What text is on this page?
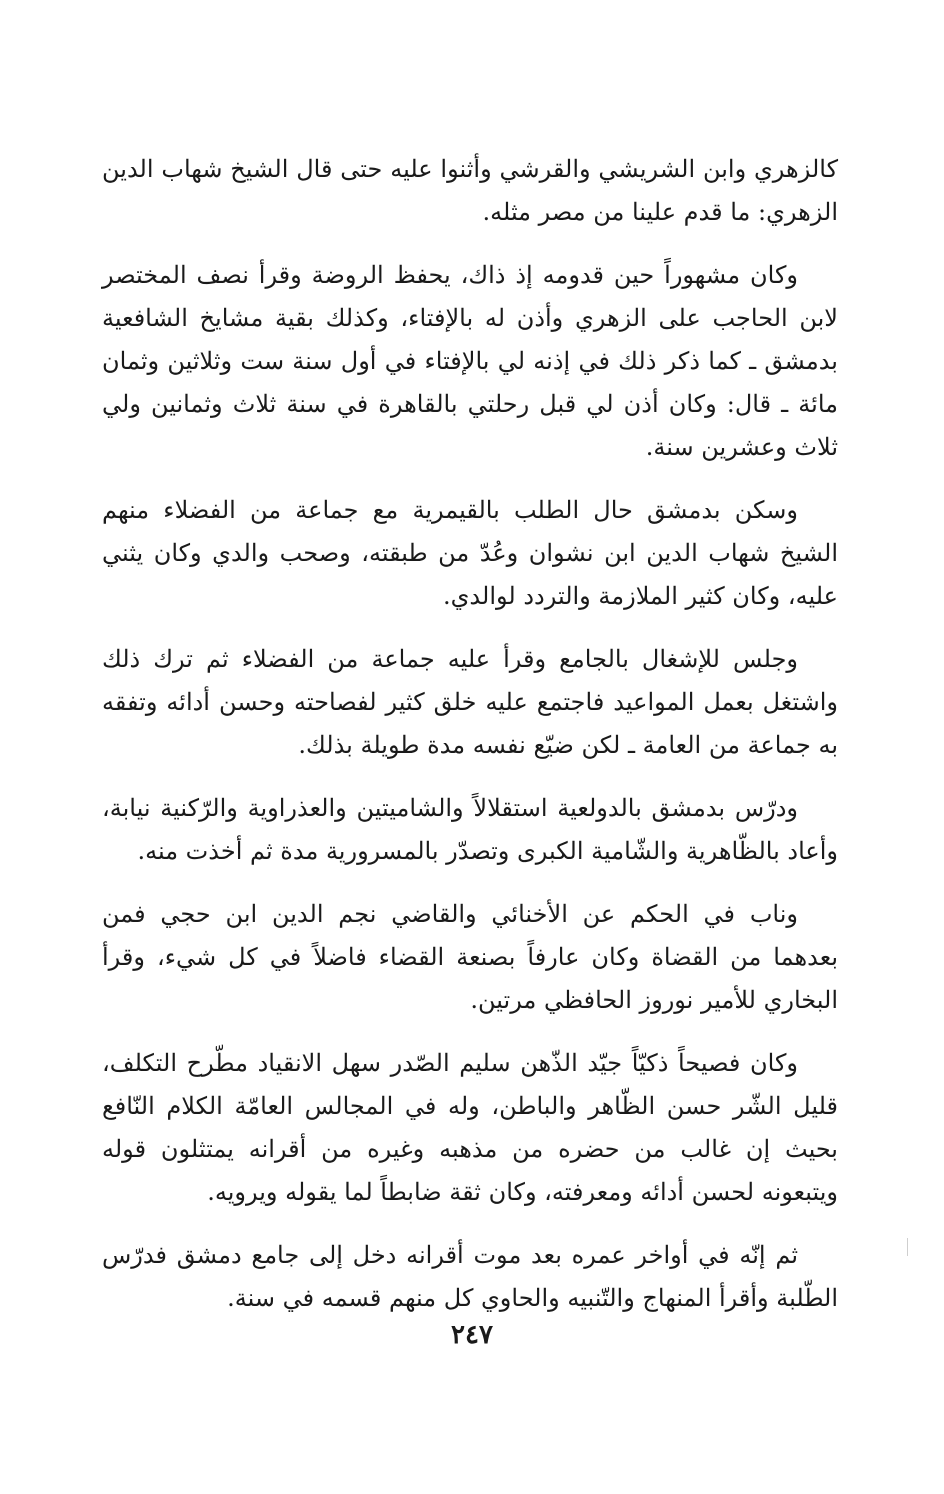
كالزهري وابن الشريشي والقرشي وأثنوا عليه حتى قال الشيخ شهاب الدين الزهري: ما قدم علينا من مصر مثله.

وكان مشهوراً حين قدومه إذ ذاك، يحفظ الروضة وقرأ نصف المختصر لابن الحاجب على الزهري وأذن له بالإفتاء، وكذلك بقية مشايخ الشافعية بدمشق ـ كما ذكر ذلك في إذنه لي بالإفتاء في أول سنة ست وثلاثين وثمان مائة ـ قال: وكان أذن لي قبل رحلتي بالقاهرة في سنة ثلاث وثمانين ولي ثلاث وعشرين سنة.

وسكن بدمشق حال الطلب بالقيمرية مع جماعة من الفضلاء منهم الشيخ شهاب الدين ابن نشوان وعُدّ من طبقته، وصحب والدي وكان يثني عليه، وكان كثير الملازمة والتردد لوالدي.

وجلس للإشغال بالجامع وقرأ عليه جماعة من الفضلاء ثم ترك ذلك واشتغل بعمل المواعيد فاجتمع عليه خلق كثير لفصاحته وحسن أدائه وتفقه به جماعة من العامة ـ لكن ضيّع نفسه مدة طويلة بذلك.

ودرّس بدمشق بالدولعية استقلالاً والشاميتين والعذراوية والرّكنية نيابة، وأعاد بالظّاهرية والشّامية الكبرى وتصدّر بالمسرورية مدة ثم أخذت منه.

وناب في الحكم عن الأخنائي والقاضي نجم الدين ابن حجي فمن بعدهما من القضاة وكان عارفاً بصنعة القضاء فاضلاً في كل شيء، وقرأ البخاري للأمير نوروز الحافظي مرتين.

وكان فصيحاً ذكيّاً جيّد الذّهن سليم الصّدر سهل الانقياد مطّرح التكلف، قليل الشّر حسن الظّاهر والباطن، وله في المجالس العامّة الكلام النّافع بحيث إن غالب من حضره من مذهبه وغيره من أقرانه يمتثلون قوله ويتبعونه لحسن أدائه ومعرفته، وكان ثقة ضابطاً لما يقوله ويرويه.

ثم إنّه في أواخر عمره بعد موت أقرانه دخل إلى جامع دمشق فدرّس الطّلبة وأقرأ المنهاج والتّنبيه والحاوي كل منهم قسمه في سنة.

٢٤٧
